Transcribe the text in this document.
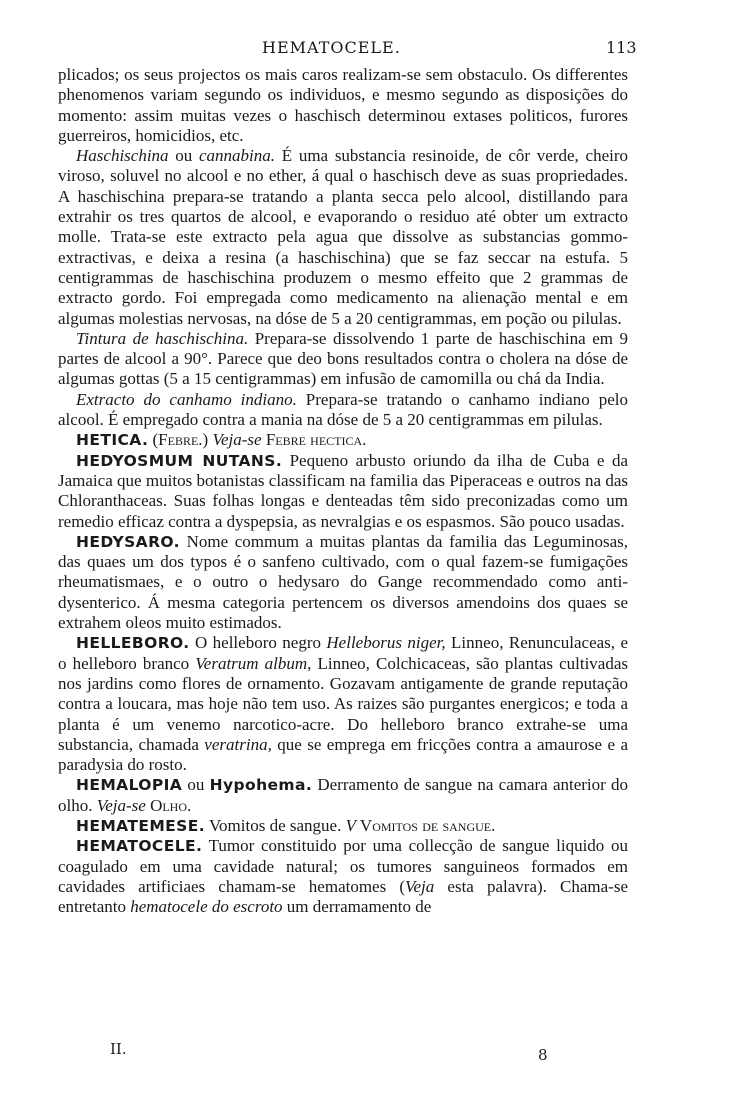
HEMATOCELE.	113

plicados; os seus projectos os mais caros realizam-se sem obstaculo. Os differentes phenomenos variam segundo os individuos, e mesmo segundo as disposições do momento: assim muitas vezes o haschisch determinou extases politicos, furores guerreiros, homicidios, etc.

Haschischina ou cannabina. É uma substancia resinoide, de côr verde, cheiro viroso, soluvel no alcool e no ether, á qual o haschisch deve as suas propriedades. A haschischina prepara-se tratando a planta secca pelo alcool, distillando para extrahir os tres quartos de alcool, e evaporando o residuo até obter um extracto molle. Trata-se este extracto pela agua que dissolve as substancias gommo-extractivas, e deixa a resina (a haschischina) que se faz seccar na estufa. 5 centigrammas de haschischina produzem o mesmo effeito que 2 grammas de extracto gordo. Foi empregada como medicamento na alienação mental e em algumas molestias nervosas, na dóse de 5 a 20 centigrammas, em poção ou pilulas.

Tintura de haschischina. Prepara-se dissolvendo 1 parte de haschischina em 9 partes de alcool a 90°. Parece que deo bons resultados contra o cholera na dóse de algumas gottas (5 a 15 centigrammas) em infusão de camomilla ou chá da India.

Extracto do canhamo indiano. Prepara-se tratando o canhamo indiano pelo alcool. É empregado contra a mania na dóse de 5 a 20 centigrammas em pilulas.

HETICA. (Febre.) Veja-se Febre hectica.

HEDYOSMUM NUTANS. Pequeno arbusto oriundo da ilha de Cuba e da Jamaica que muitos botanistas classificam na familia das Piperaceas e outros na das Chloranthaceas. Suas folhas longas e denteadas têm sido preconizadas como um remedio efficaz contra a dyspepsia, as nevralgias e os espasmos. São pouco usadas.

HEDYSARO. Nome commum a muitas plantas da familia das Leguminosas, das quaes um dos typos é o sanfeno cultivado, com o qual fazem-se fumigações rheumatismaes, e o outro o hedysaro do Gange recommendado como anti-dysenterico. Á mesma categoria pertencem os diversos amendoins dos quaes se extrahem oleos muito estimados.

HELLEBORO. O helleboro negro Helleborus niger, Linneo, Renunculaceas, e o helleboro branco Veratrum album, Linneo, Colchicaceas, são plantas cultivadas nos jardins como flores de ornamento. Gozavam antigamente de grande reputação contra a loucara, mas hoje não tem uso. As raizes são purgantes energicos; e toda a planta é um venemo narcotico-acre. Do helleboro branco extrahe-se uma substancia, chamada veratrina, que se emprega em fricções contra a amaurose e a paradysia do rosto.

HEMALOPIA ou Hypohema. Derramento de sangue na camara anterior do olho. Veja-se Olho.

HEMATEMESE. Vomitos de sangue. V Vomitos de sangue.

HEMATOCELE. Tumor constituido por uma collecção de sangue liquido ou coagulado em uma cavidade natural; os tumores sanguineos formados em cavidades artificiaes chamam-se hematomes (Veja esta palavra). Chama-se entretanto hematocele do escroto um derramamento de

II.	8
